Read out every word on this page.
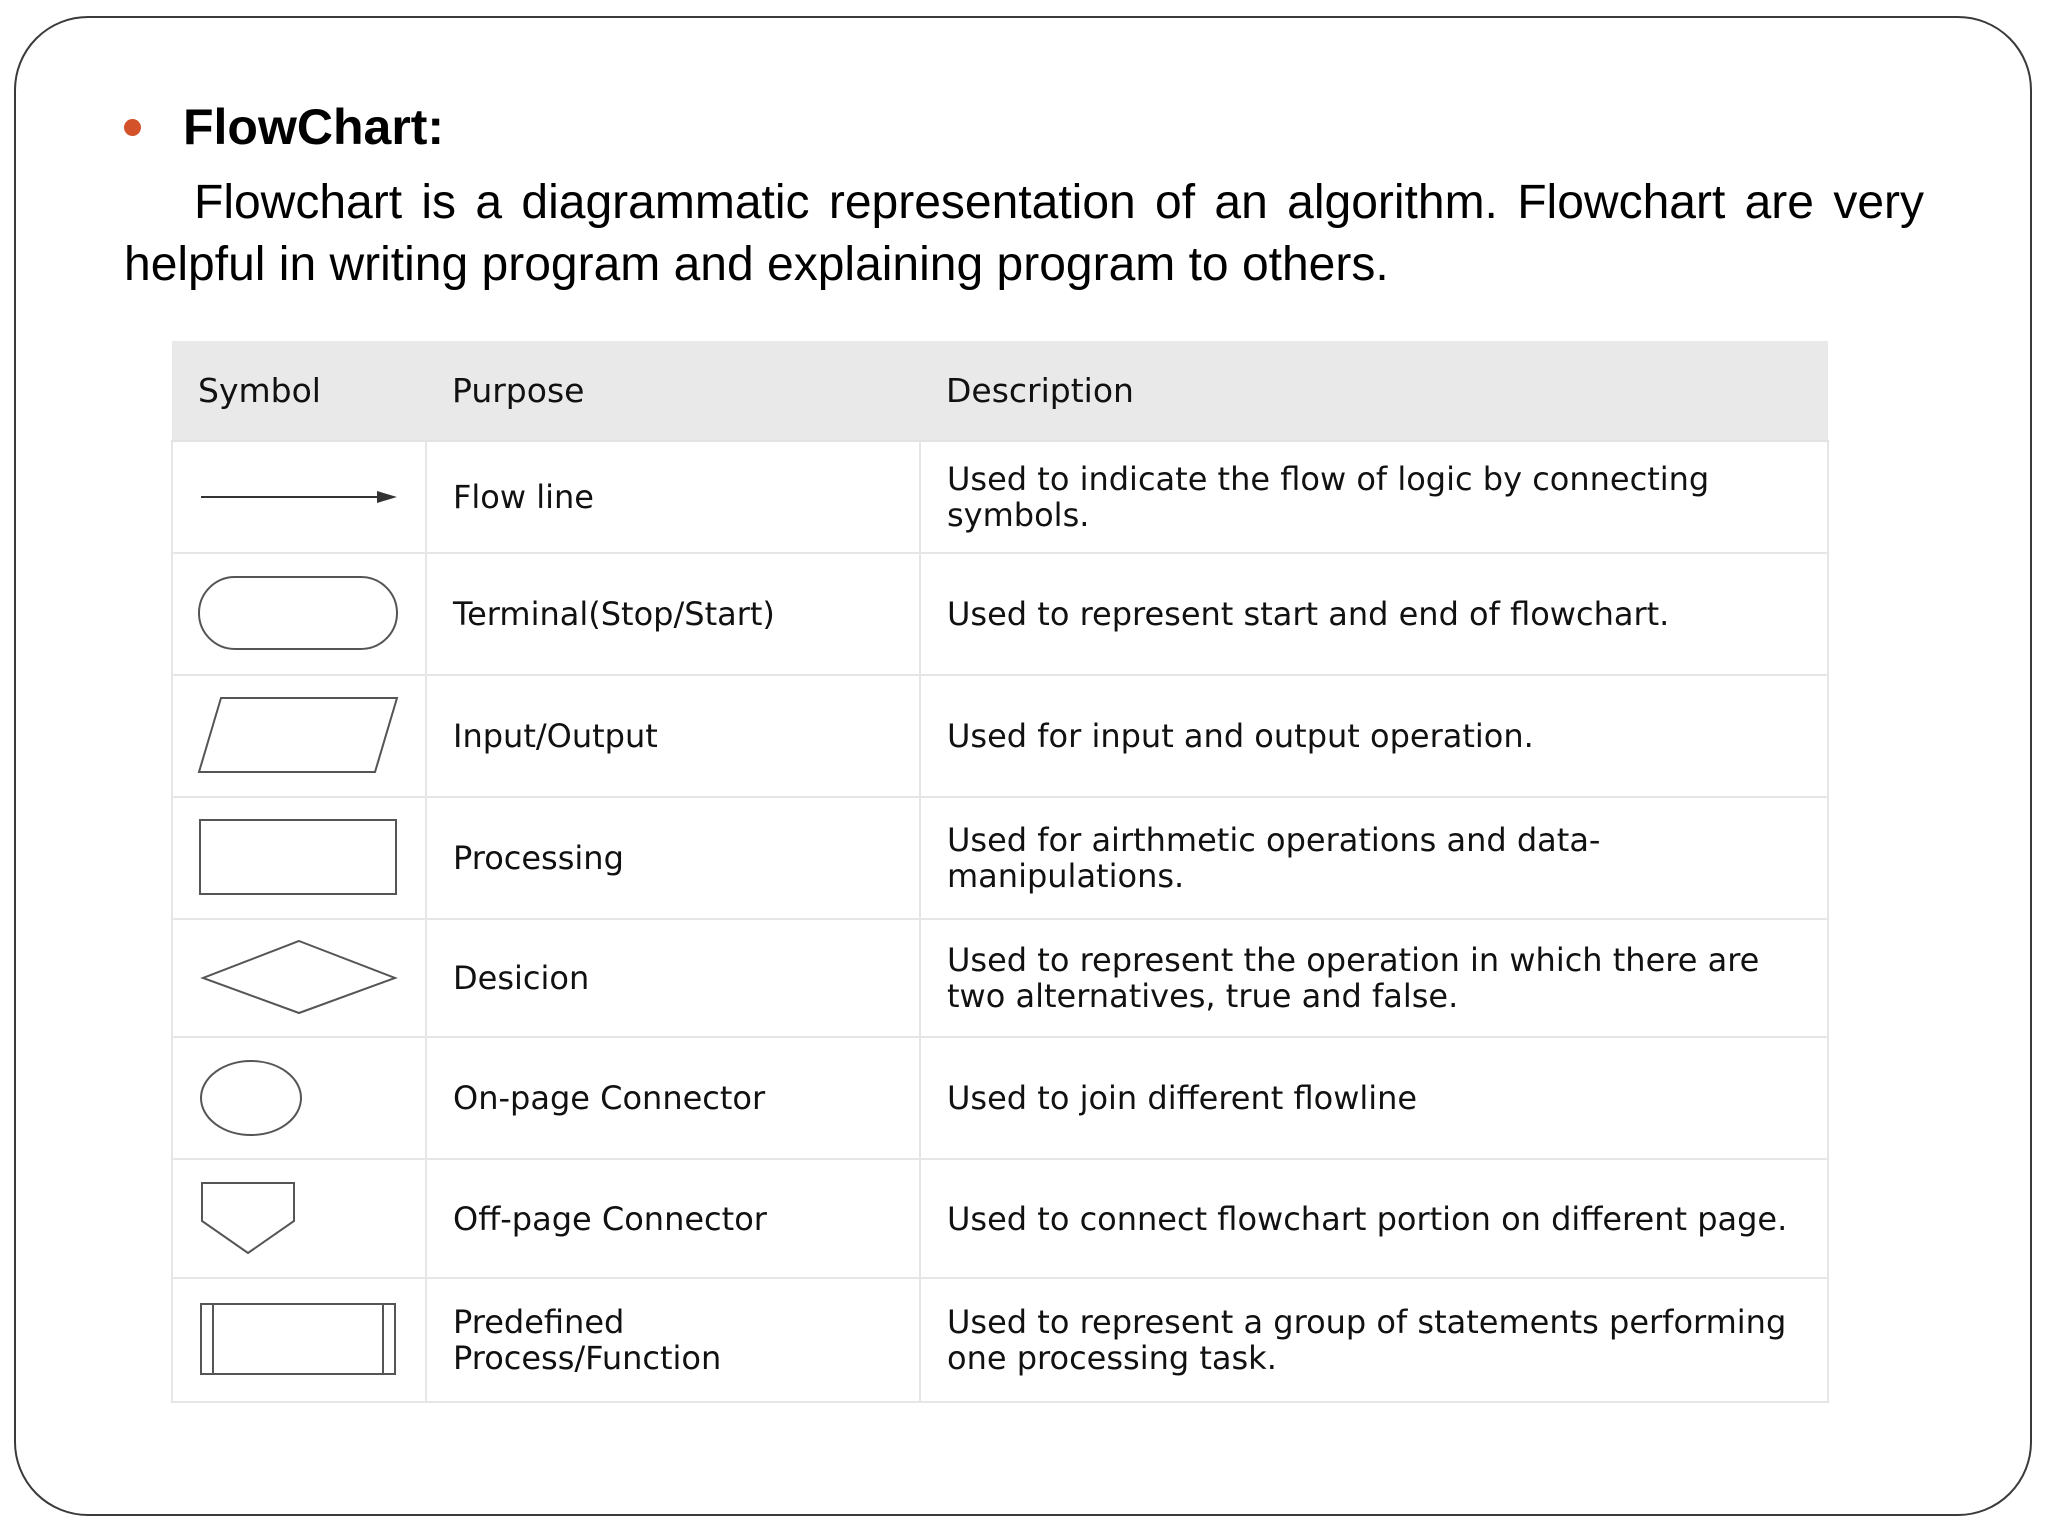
FlowChart:
Flowchart is a diagrammatic representation of an algorithm. Flowchart are very helpful in writing program and explaining program to others.
Symbol	Purpose	Description

	Flow line	Used to indicate the flow of logic by connecting symbols.

	Terminal(Stop/Start)	Used to represent start and end of flowchart.

	Input/Output	Used for input and output operation.

	Processing	Used for airthmetic operations and data-manipulations.

	Desicion	Used to represent the operation in which there are two alternatives, true and false.

	On-page Connector	Used to join different flowline

	Off-page Connector	Used to connect flowchart portion on different page.

	Predefined Process/Function	Used to represent a group of statements performing one processing task.
